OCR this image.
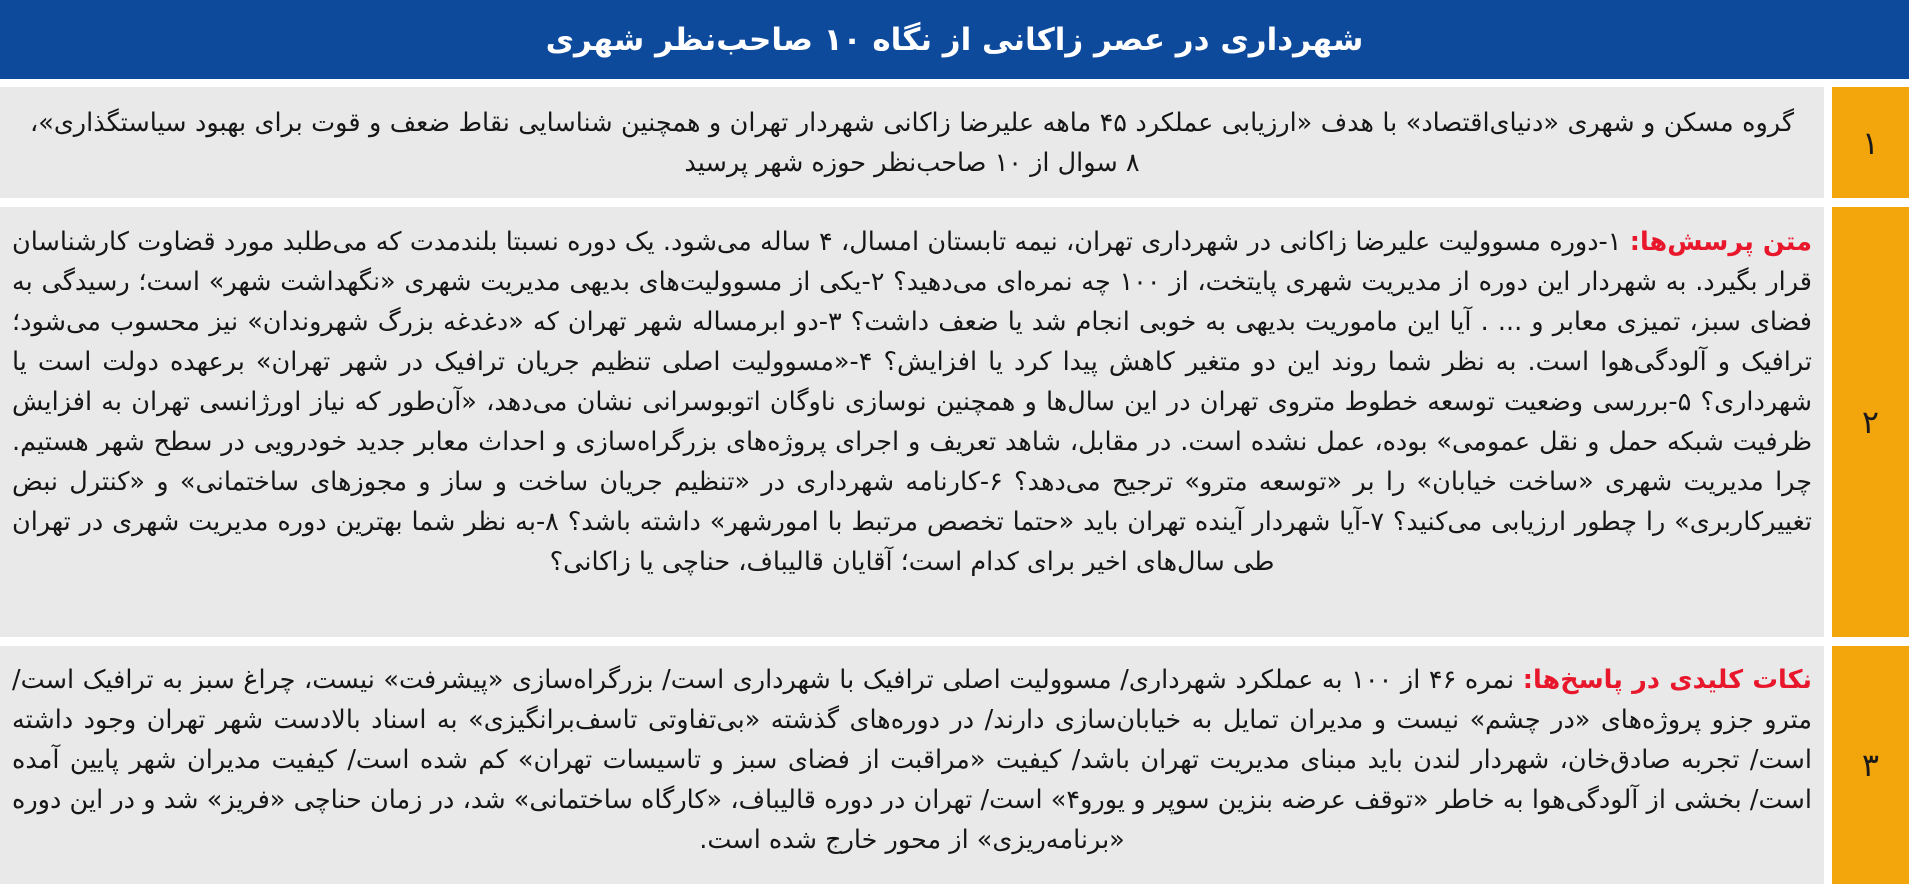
شهرداری در عصر زاکانی از نگاه ۱۰ صاحب‌نظر شهری
۱

گروه مسکن و شهری «دنیای‌اقتصاد» با هدف «ارزیابی عملکرد ۴۵ ماهه علیرضا زاکانی شهردار تهران و همچنین شناسایی نقاط ضعف و قوت برای بهبود سیاستگذاری»، ۸ سوال از ۱۰ صاحب‌نظر حوزه شهر پرسید

۲

متن پرسش‌ها: ۱-دوره مسوولیت علیرضا زاکانی در شهرداری تهران، نیمه تابستان امسال، ۴ ساله می‌شود. یک دوره نسبتا بلندمدت که می‌طلبد مورد قضاوت کارشناسان قرار بگیرد. به شهردار این دوره از مدیریت شهری پایتخت، از ۱۰۰ چه نمره‌ای می‌دهید؟ ۲-یکی از مسوولیت‌های بدیهی مدیریت شهری «نگهداشت شهر» است؛ رسیدگی به فضای سبز، تمیزی معابر و ... . آیا این ماموریت بدیهی به خوبی انجام شد یا ضعف داشت؟ ۳-دو ابرمساله شهر تهران که «دغدغه بزرگ شهروندان» نیز محسوب می‌شود؛ ترافیک و آلودگی‌هوا است. به نظر شما روند این دو متغیر کاهش پیدا کرد یا افزایش؟ ۴-«مسوولیت اصلی تنظیم جریان ترافیک در شهر تهران» برعهده دولت است یا شهرداری؟ ۵-بررسی وضعیت توسعه خطوط متروی تهران در این سال‌ها و همچنین نوسازی ناوگان اتوبوسرانی نشان می‌دهد، «آن‌طور که نیاز اورژانسی تهران به افزایش ظرفیت شبکه حمل و نقل عمومی» بوده، عمل نشده است. در مقابل، شاهد تعریف و اجرای پروژه‌های بزرگراه‌سازی و احداث معابر جدید خودرویی در سطح شهر هستیم. چرا مدیریت شهری «ساخت خیابان» را بر «توسعه مترو» ترجیح می‌دهد؟ ۶-کارنامه شهرداری در «تنظیم جریان ساخت و ساز و مجوزهای ساختمانی» و «کنترل نبض تغییرکاربری» را چطور ارزیابی می‌کنید؟ ۷-آیا شهردار آینده تهران باید «حتما تخصص مرتبط با امورشهر» داشته باشد؟ ۸-به نظر شما بهترین دوره مدیریت شهری در تهران طی سال‌های اخیر برای کدام است؛ آقایان قالیباف، حناچی یا زاکانی؟

۳

نکات کلیدی در پاسخ‌ها: نمره ۴۶ از ۱۰۰ به عملکرد شهرداری/ مسوولیت اصلی ترافیک با شهرداری است/ بزرگراه‌سازی «پیشرفت» نیست، چراغ سبز به ترافیک است/ مترو جزو پروژه‌های «در چشم» نیست و مدیران تمایل به خیابان‌سازی دارند/ در دوره‌های گذشته «بی‌تفاوتی تاسف‌برانگیزی» به اسناد بالادست شهر تهران وجود داشته است/ تجربه صادق‌خان، شهردار لندن باید مبنای مدیریت تهران باشد/ کیفیت «مراقبت از فضای سبز و تاسیسات تهران» کم شده است/ کیفیت مدیران شهر پایین آمده است/ بخشی از آلودگی‌هوا به خاطر «توقف عرضه بنزین سوپر و یورو۴» است/ تهران در دوره قالیباف، «کارگاه ساختمانی» شد، در زمان حناچی «فریز» شد و در این دوره «برنامه‌ریزی» از محور خارج شده است.
